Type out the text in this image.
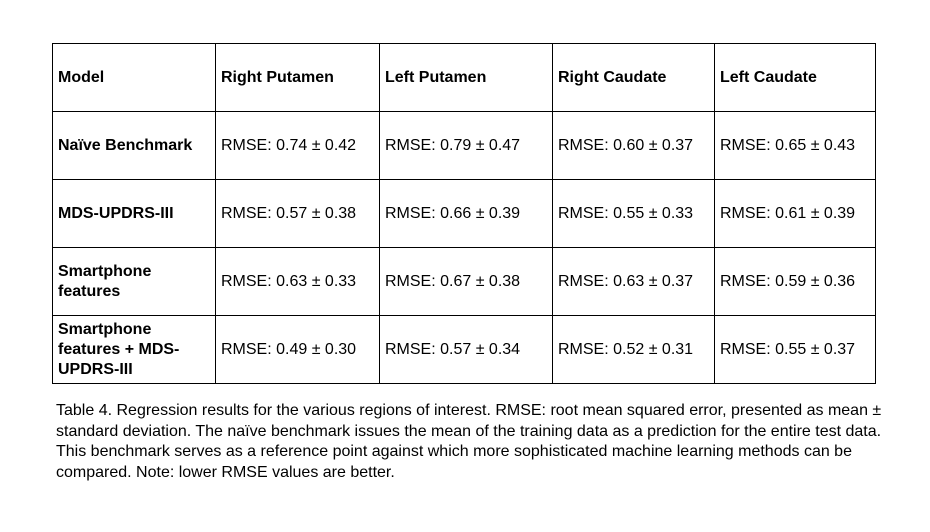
Model	Right Putamen	Left Putamen	Right Caudate	Left Caudate
Naïve Benchmark	RMSE: 0.74 ± 0.42	RMSE: 0.79 ± 0.47	RMSE: 0.60 ± 0.37	RMSE: 0.65 ± 0.43
MDS-UPDRS-III	RMSE: 0.57 ± 0.38	RMSE: 0.66 ± 0.39	RMSE: 0.55 ± 0.33	RMSE: 0.61 ± 0.39
Smartphone features	RMSE: 0.63 ± 0.33	RMSE: 0.67 ± 0.38	RMSE: 0.63 ± 0.37	RMSE: 0.59 ± 0.36
Smartphone features + MDS-UPDRS-III	RMSE: 0.49 ± 0.30	RMSE: 0.57 ± 0.34	RMSE: 0.52 ± 0.31	RMSE: 0.55 ± 0.37

Table 4. Regression results for the various regions of interest. RMSE: root mean squared error, presented as mean ± standard deviation. The naïve benchmark issues the mean of the training data as a prediction for the entire test data. This benchmark serves as a reference point against which more sophisticated machine learning methods can be compared. Note: lower RMSE values are better.
